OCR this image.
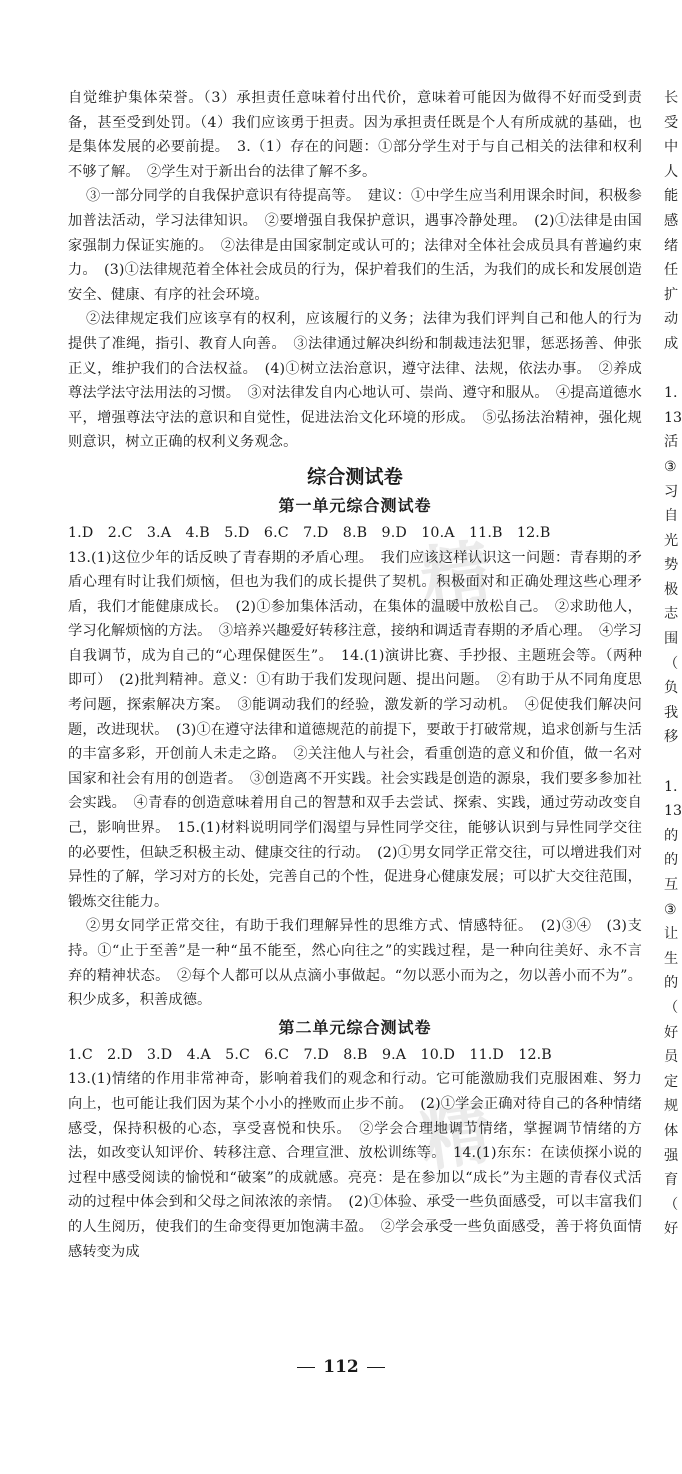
自觉维护集体荣誉。（3）承担责任意味着付出代价，意味着可能因为做得不好而受到责备，甚至受到处罚。（4）我们应该勇于担责。因为承担责任既是个人有所成就的基础，也是集体发展的必要前提。　3.（1）存在的问题：①部分学生对于与自己相关的法律和权利不够了解。　②学生对于新出台的法律了解不多。

③一部分同学的自我保护意识有待提高等。　建议：①中学生应当利用课余时间，积极参加普法活动，学习法律知识。　②要增强自我保护意识，遇事冷静处理。　(2)①法律是由国家强制力保证实施的。　②法律是由国家制定或认可的；法律对全体社会成员具有普遍约束力。　(3)①法律规范着全体社会成员的行为，保护着我们的生活，为我们的成长和发展创造安全、健康、有序的社会环境。

②法律规定我们应该享有的权利，应该履行的义务；法律为我们评判自己和他人的行为提供了准绳，指引、教育人向善。　③法律通过解决纠纷和制裁违法犯罪，惩恶扬善、伸张正义，维护我们的合法权益。　(4)①树立法治意识，遵守法律、法规，依法办事。　②养成尊法学法守法用法的习惯。　③对法律发自内心地认可、崇尚、遵守和服从。　④提高道德水平，增强尊法守法的意识和自觉性，促进法治文化环境的形成。　⑤弘扬法治精神，强化规则意识，树立正确的权利义务观念。

综合测试卷
第一单元综合测试卷

1.D　2.C　3.A　4.B　5.D　6.C　7.D　8.B　9.D　10.A　11.B　12.B

13.(1)这位少年的话反映了青春期的矛盾心理。　我们应该这样认识这一问题：青春期的矛盾心理有时让我们烦恼，但也为我们的成长提供了契机。积极面对和正确处理这些心理矛盾，我们才能健康成长。　(2)①参加集体活动，在集体的温暖中放松自己。　②求助他人，学习化解烦恼的方法。　③培养兴趣爱好转移注意，接纳和调适青春期的矛盾心理。　④学习自我调节，成为自己的“心理保健医生”。　14.(1)演讲比赛、手抄报、主题班会等。（两种即可）　(2)批判精神。意义：①有助于我们发现问题、提出问题。　②有助于从不同角度思考问题，探索解决方案。　③能调动我们的经验，激发新的学习动机。　④促使我们解决问题，改进现状。　(3)①在遵守法律和道德规范的前提下，要敢于打破常规，追求创新与生活的丰富多彩，开创前人未走之路。　②关注他人与社会，看重创造的意义和价值，做一名对国家和社会有用的创造者。　③创造离不开实践。社会实践是创造的源泉，我们要多参加社会实践。　④青春的创造意味着用自己的智慧和双手去尝试、探索、实践，通过劳动改变自己，影响世界。　15.(1)材料说明同学们渴望与异性同学交往，能够认识到与异性同学交往的必要性，但缺乏积极主动、健康交往的行动。　(2)①男女同学正常交往，可以增进我们对异性的了解，学习对方的长处，完善自己的个性，促进身心健康发展；可以扩大交往范围，锻炼交往能力。

②男女同学正常交往，有助于我们理解异性的思维方式、情感特征。　(2)③④　(3)支持。①“止于至善”是一种“虽不能至，然心向往之”的实践过程，是一种向往美好、永不言弃的精神状态。　②每个人都可以从点滴小事做起。“勿以恶小而为之，勿以善小而不为”。积少成多，积善成德。

第二单元综合测试卷

1.C　2.D　3.D　4.A　5.C　6.C　7.D　8.B　9.A　10.D　11.D　12.B

13.(1)情绪的作用非常神奇，影响着我们的观念和行动。它可能激励我们克服困难、努力向上，也可能让我们因为某个小小的挫败而止步不前。　(2)①学会正确对待自己的各种情绪感受，保持积极的心态，享受喜悦和快乐。　②学会合理地调节情绪，掌握调节情绪的方法，如改变认知评价、转移注意、合理宣泄、放松训练等。　14.(1)东东：在读侦探小说的过程中感受阅读的愉悦和“破案”的成就感。亮亮：是在参加以“成长”为主题的青春仪式活动的过程中体会到和父母之间浓浓的亲情。　(2)①体验、承受一些负面感受，可以丰富我们的人生阅历，使我们的生命变得更加饱满丰盈。　②学会承受一些负面感受，善于将负面情感转变为成

长
受
中
人
能
感
绪
任
扩
动
成
1.
13
活
③
习
自
光
势
极
志
围
（
负
我
移
1.
13
的
的
互
③
让
生
的
（
好
员
定
规
体
强
育
（
好
112
精
精
